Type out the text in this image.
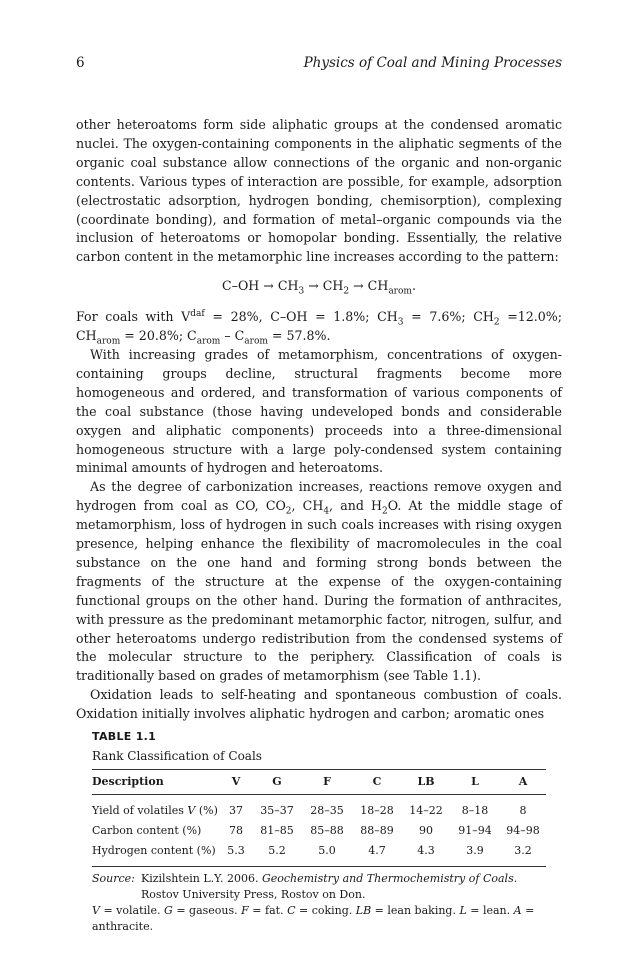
6	Physics of Coal and Mining Processes

other heteroatoms form side aliphatic groups at the condensed aromatic nuclei. The oxygen-containing components in the aliphatic segments of the organic coal substance allow connections of the organic and non-organic contents. Various types of interaction are possible, for example, adsorption (electrostatic adsorption, hydrogen bonding, chemisorption), complexing (coordinate bonding), and formation of metal–organic compounds via the inclusion of heteroatoms or homopolar bonding. Essentially, the relative carbon content in the metamorphic line increases according to the pattern:

$C-OH \to CH_3 \to CH_2 \to CH_{arom}$.

For coals with $V^{daf} = 28\%$, C–OH = 1.8%; $CH_3 = 7.6\%$; $CH_2 =12.0\%$; $CH_{arom} = 20.8\%$; $C_{arom} - C_{arom} = 57.8\%$.

With increasing grades of metamorphism, concentrations of oxygen-containing groups decline, structural fragments become more homogeneous and ordered, and transformation of various components of the coal substance (those having undeveloped bonds and considerable oxygen and aliphatic components) proceeds into a three-dimensional homogeneous structure with a large poly-condensed system containing minimal amounts of hydrogen and heteroatoms.

As the degree of carbonization increases, reactions remove oxygen and hydrogen from coal as CO, $CO_2$, $CH_4$, and $H_2O$. At the middle stage of metamorphism, loss of hydrogen in such coals increases with rising oxygen presence, helping enhance the flexibility of macromolecules in the coal substance on the one hand and forming strong bonds between the fragments of the structure at the expense of the oxygen-containing functional groups on the other hand. During the formation of anthracites, with pressure as the predominant metamorphic factor, nitrogen, sulfur, and other heteroatoms undergo redistribution from the condensed systems of the molecular structure to the periphery. Classification of coals is traditionally based on grades of metamorphism (see Table 1.1).

Oxidation leads to self-heating and spontaneous combustion of coals. Oxidation initially involves aliphatic hydrogen and carbon; aromatic ones

TABLE 1.1
Rank Classification of Coals
Description	V	G	F	C	LB	L	A
Yield of volatiles V (%)	37	35–37	28–35	18–28	14–22	8–18	8
Carbon content (%)	78	81–85	85–88	88–89	90	91–94	94–98
Hydrogen content (%)	5.3	5.2	5.0	4.7	4.3	3.9	3.2
Source: Kizilshtein L.Y. 2006. Geochemistry and Thermochemistry of Coals. Rostov University Press, Rostov on Don.
V = volatile. G = gaseous. F = fat. C = coking. LB = lean baking. L = lean. A = anthracite.
